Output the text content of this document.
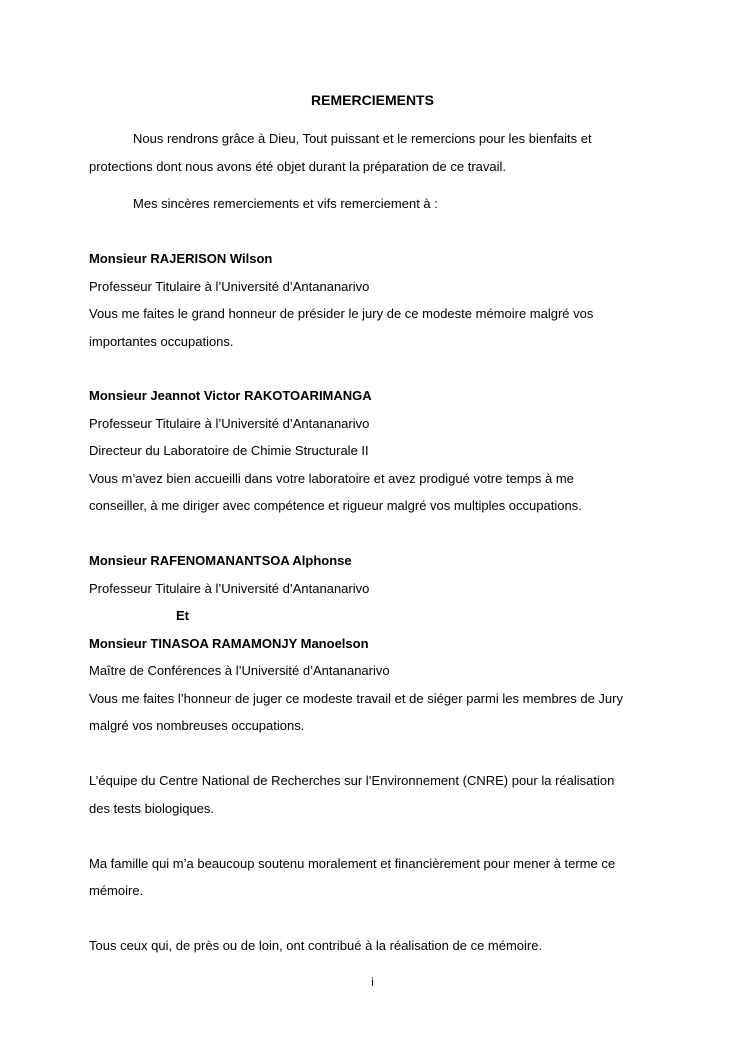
REMERCIEMENTS
Nous rendrons grâce à Dieu, Tout puissant et le remercions pour les bienfaits et
protections dont nous avons été objet durant la préparation de ce travail.
Mes sincères remerciements et vifs remerciement à :
Monsieur RAJERISON Wilson
Professeur Titulaire à l’Université d’Antananarivo
Vous me faites le grand honneur de présider le jury de ce modeste mémoire malgré vos
importantes occupations.
Monsieur Jeannot Victor RAKOTOARIMANGA
Professeur Titulaire à l’Université d’Antananarivo
Directeur du Laboratoire de Chimie Structurale II
Vous m’avez bien accueilli dans votre laboratoire et avez prodigué votre temps à me
conseiller, à me diriger avec compétence et rigueur malgré vos multiples occupations.
Monsieur RAFENOMANANTSOA Alphonse
Professeur Titulaire à l’Université d’Antananarivo
Et
Monsieur TINASOA RAMAMONJY Manoelson
Maître de Conférences à l’Université d’Antananarivo
Vous me faites l’honneur de juger ce modeste travail et de siéger parmi les membres de Jury
malgré vos nombreuses occupations.
L’équipe du Centre National de Recherches sur l’Environnement (CNRE) pour la réalisation
des tests biologiques.
Ma famille qui m’a beaucoup soutenu moralement et financièrement pour mener à terme ce
mémoire.
Tous ceux qui, de près ou de loin, ont contribué à la réalisation de ce mémoire.
i
